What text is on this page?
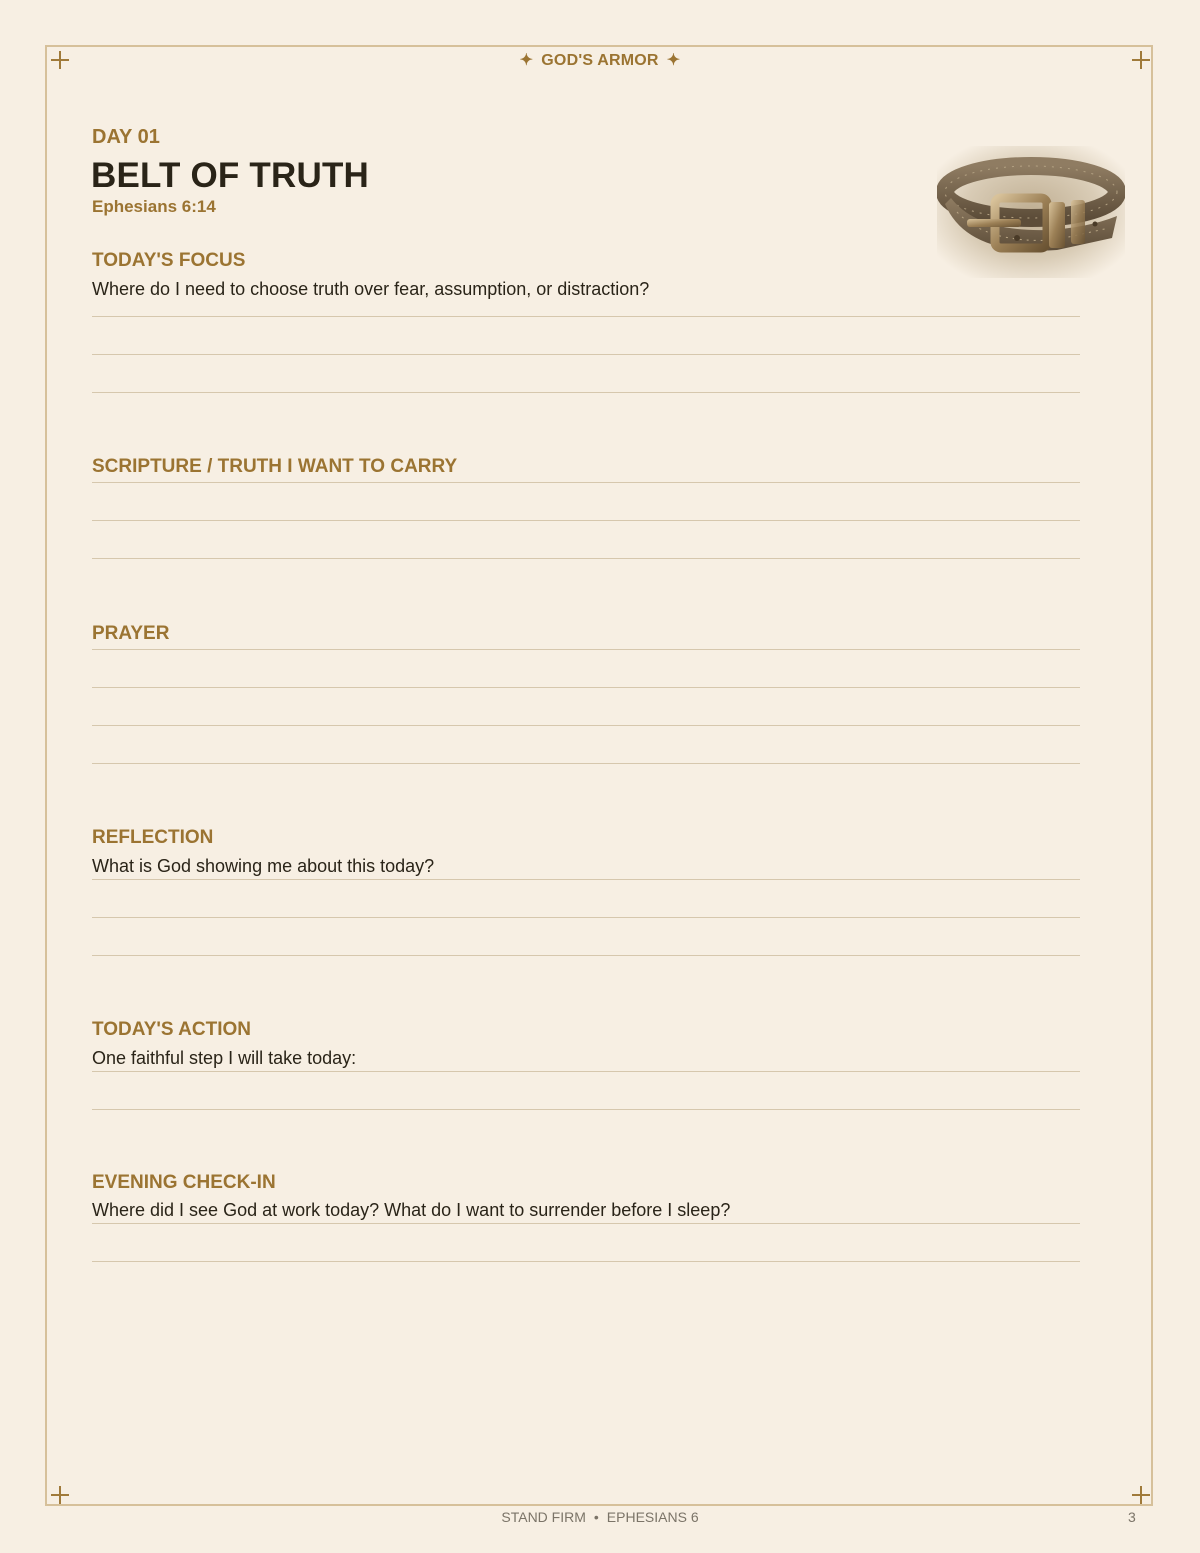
✦ GOD'S ARMOR ✦
DAY 01
BELT OF TRUTH
Ephesians 6:14
TODAY'S FOCUS
Where do I need to choose truth over fear, assumption, or distraction?
SCRIPTURE / TRUTH I WANT TO CARRY
PRAYER
REFLECTION
What is God showing me about this today?
TODAY'S ACTION
One faithful step I will take today:
EVENING CHECK-IN
Where did I see God at work today? What do I want to surrender before I sleep?
STAND FIRM • EPHESIANS 6	3
